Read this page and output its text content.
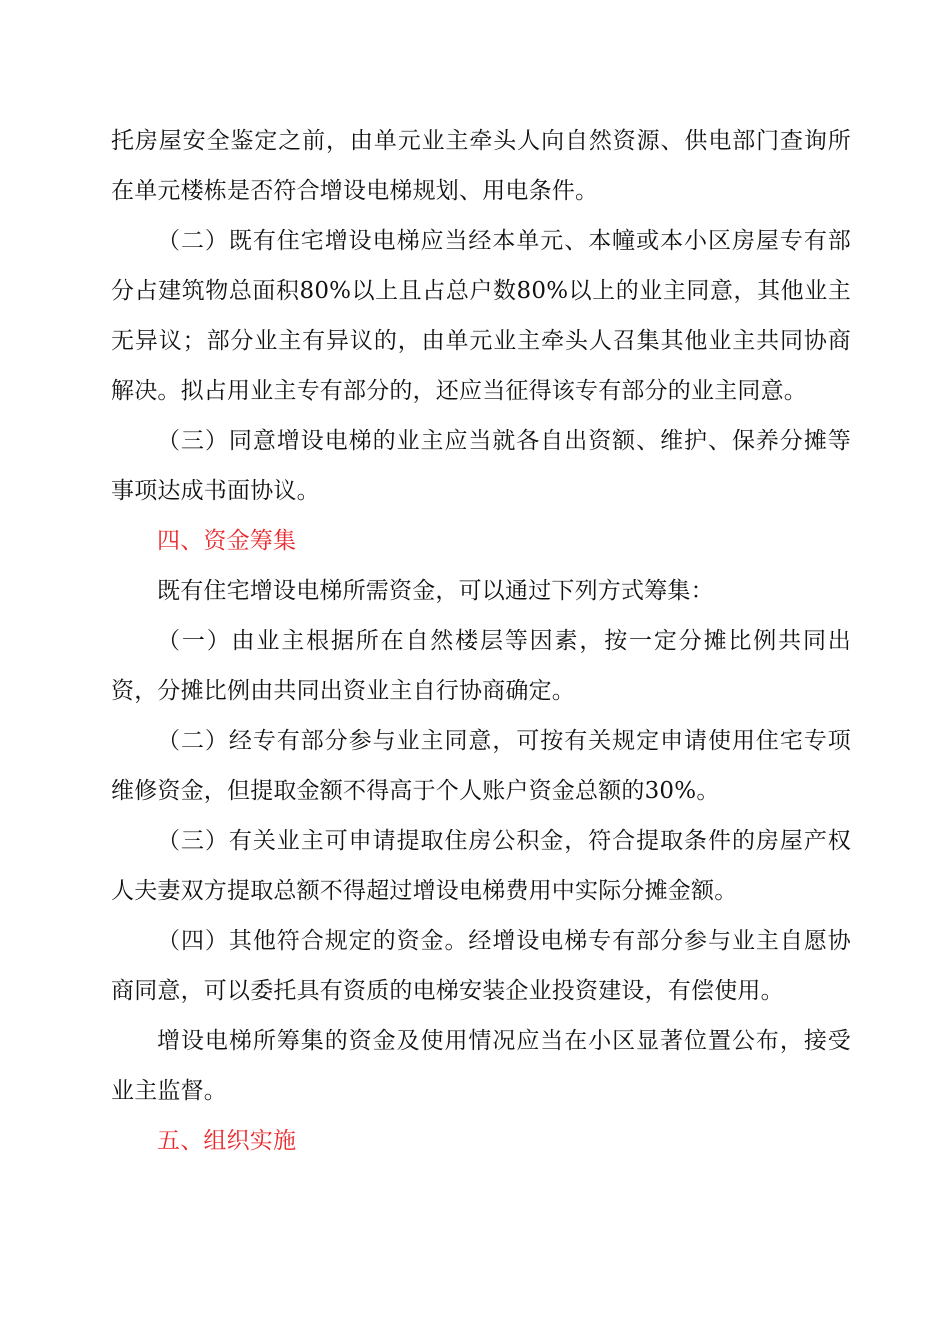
托房屋安全鉴定之前，由单元业主牵头人向自然资源、供电部门查询所在单元楼栋是否符合增设电梯规划、用电条件。

（二）既有住宅增设电梯应当经本单元、本幢或本小区房屋专有部分占建筑物总面积80%以上且占总户数80%以上的业主同意，其他业主无异议；部分业主有异议的，由单元业主牵头人召集其他业主共同协商解决。拟占用业主专有部分的，还应当征得该专有部分的业主同意。

（三）同意增设电梯的业主应当就各自出资额、维护、保养分摊等事项达成书面协议。

四、资金筹集

既有住宅增设电梯所需资金，可以通过下列方式筹集：

（一）由业主根据所在自然楼层等因素，按一定分摊比例共同出资，分摊比例由共同出资业主自行协商确定。

（二）经专有部分参与业主同意，可按有关规定申请使用住宅专项维修资金，但提取金额不得高于个人账户资金总额的30%。

（三）有关业主可申请提取住房公积金，符合提取条件的房屋产权人夫妻双方提取总额不得超过增设电梯费用中实际分摊金额。

（四）其他符合规定的资金。经增设电梯专有部分参与业主自愿协商同意，可以委托具有资质的电梯安装企业投资建设，有偿使用。

增设电梯所筹集的资金及使用情况应当在小区显著位置公布，接受业主监督。

五、组织实施
